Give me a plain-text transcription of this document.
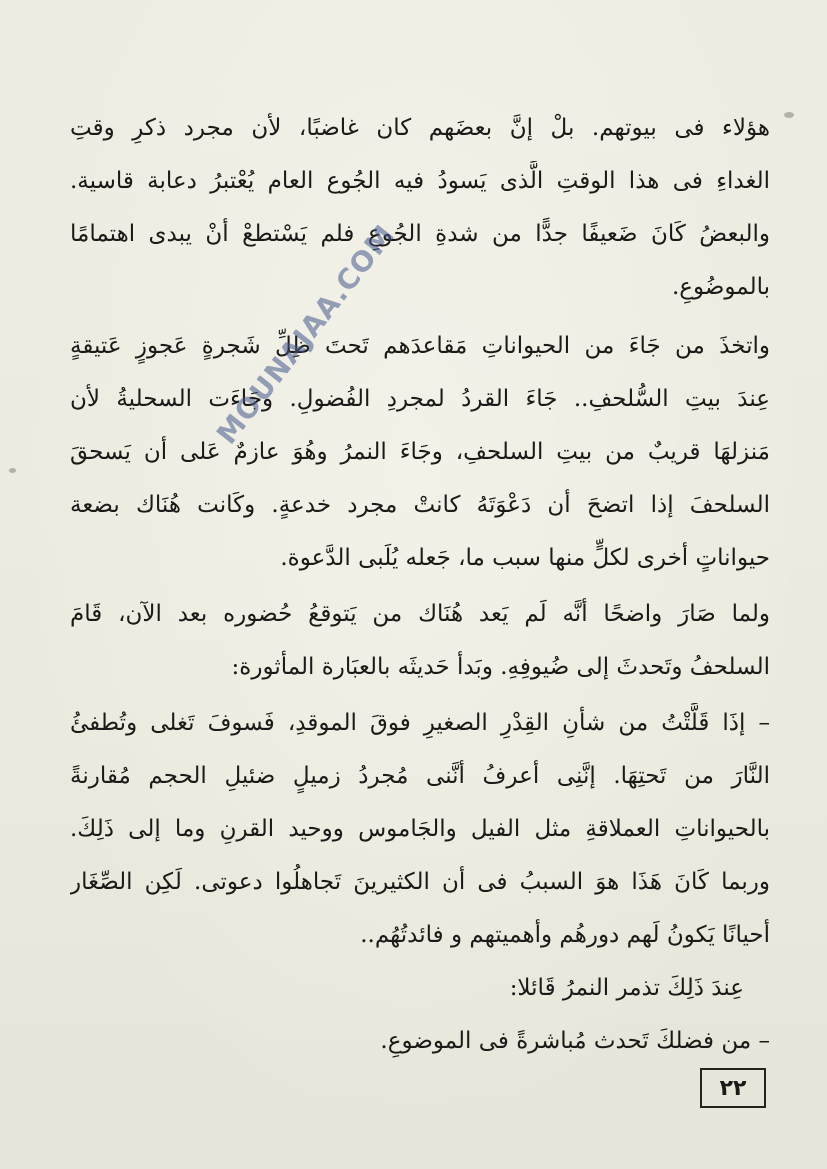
هؤلاء فى بيوتهم. بلْ إنَّ بعضَهم كان غاضبًا، لأن مجرد ذكرِ وقتِ
الغداءِ فى هذا الوقتِ الَّذى يَسودُ فيه الجُوع العام يُعْتبرُ دعابة قاسية.
والبعضُ كَانَ ضَعيفًا جدًّا من شدةِ الجُوعِ فلم يَسْتطعْ أنْ يبدى اهتمامًا
بالموضُوعِ.
واتخذَ من جَاءَ من الحيواناتِ مَقاعدَهم تَحتَ ظِلِّ شَجرةٍ عَجوزٍ عَتيقةٍ
عِندَ بيتِ السُّلحفِ.. جَاءَ القردُ لمجردِ الفُضولِ. وجَاءَت السحليةُ لأن
مَنزلهَا قريبٌ من بيتِ السلحفِ، وجَاءَ النمرُ وهُوَ عازمٌ عَلى أن يَسحقَ
السلحفَ إذا اتضحَ أن دَعْوَتَهُ كانتْ مجرد خدعةٍ. وكَانت هُنَاك بضعة
حيواناتٍ أخرى لكلٍّ منها سبب ما، جَعله يُلَبى الدَّعوة.
ولما صَارَ واضحًا أنَّه لَم يَعد هُنَاك من يَتوقعُ حُضوره بعد الآن، قَامَ
السلحفُ وتَحدثَ إلى ضُيوفِهِ. وبَدأ حَديثَه بالعبَارة المأثورة:
– إذَا قَلَّتْتُ من شأنِ القِدْرِ الصغيرِ فوقَ الموقدِ، فَسوفَ تَغلى وتُطفئُ
النَّارَ من تَحتِهَا. إنَّنِى أعرفُ أنَّنى مُجردُ زميلٍ ضئيلِ الحجم مُقارنةً
بالحيواناتِ العملاقةِ مثل الفيل والجَاموس ووحيد القرنِ وما إلى ذَلِكَ.
وربما كَانَ هَذَا هوَ السببُ فى أن الكثيرينَ تَجاهلُوا دعوتى. لَكِن الصِّغَار
أحيانًا يَكونُ لَهم دورهُم وأهميتهم و فائدتُهُم..
عِندَ ذَلِكَ تذمر النمرُ قَائلا:
– من فضلكَ تَحدث مُباشرةً فى الموضوعِ.
MOUNAJAA.COM
٢٢
